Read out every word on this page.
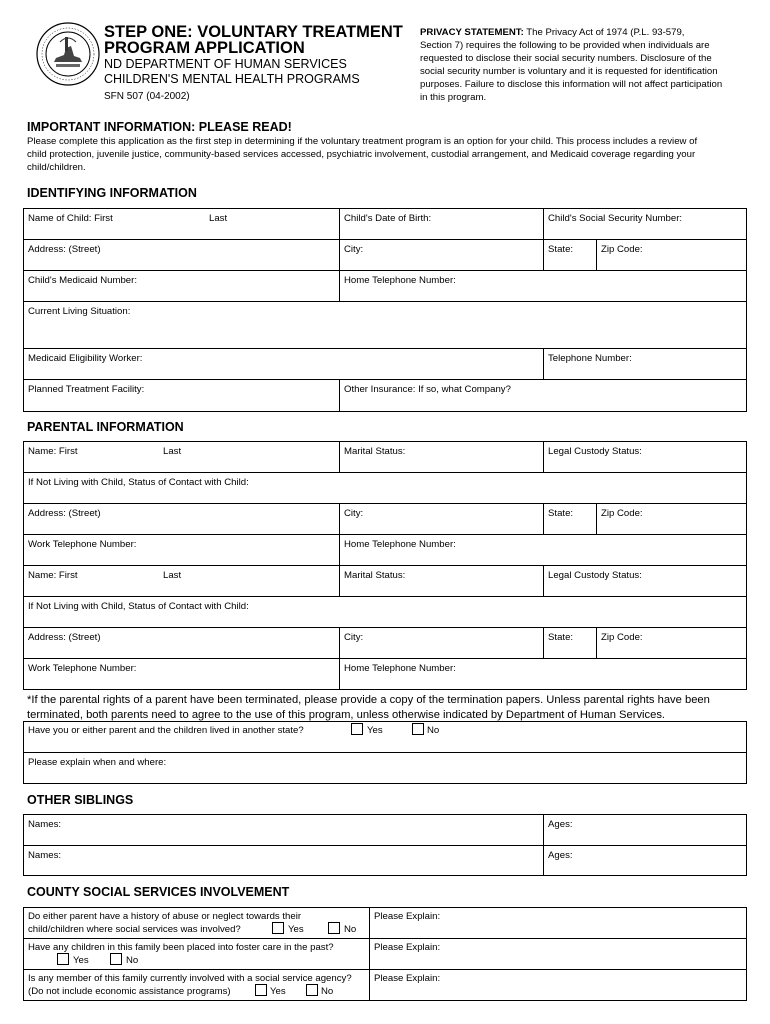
STEP ONE: VOLUNTARY TREATMENT
PROGRAM APPLICATION
ND DEPARTMENT OF HUMAN SERVICES
CHILDREN'S MENTAL HEALTH PROGRAMS
SFN 507 (04-2002)
PRIVACY STATEMENT: The Privacy Act of 1974 (P.L. 93-579,
Section 7) requires the following to be provided when individuals are
requested to disclose their social security numbers. Disclosure of the
social security number is voluntary and it is requested for identification
purposes. Failure to disclose this information will not affect participation
in this program.
IMPORTANT INFORMATION: PLEASE READ!
Please complete this application as the first step in determining if the voluntary treatment program is an option for your child. This process includes a review of
child protection, juvenile justice, community-based services accessed, psychiatric involvement, custodial arrangement, and Medicaid coverage regarding your
child/children.
IDENTIFYING INFORMATION
Name of Child: First	Last	Child's Date of Birth:	Child's Social Security Number:
Address: (Street)	City:	State:	Zip Code:
Child's Medicaid Number:	Home Telephone Number:
Current Living Situation:
Medicaid Eligibility Worker:	Telephone Number:
Planned Treatment Facility:	Other Insurance: If so, what Company?
PARENTAL INFORMATION
Name: First	Last	Marital Status:	Legal Custody Status:
If Not Living with Child, Status of Contact with Child:
Address: (Street)	City:	State:	Zip Code:
Work Telephone Number:	Home Telephone Number:
Name: First	Last	Marital Status:	Legal Custody Status:
If Not Living with Child, Status of Contact with Child:
Address: (Street)	City:	State:	Zip Code:
Work Telephone Number:	Home Telephone Number:
*If the parental rights of a parent have been terminated, please provide a copy of the termination papers. Unless parental rights have been
terminated, both parents need to agree to the use of this program, unless otherwise indicated by Department of Human Services.
Have you or either parent and the children lived in another state?	Yes	No
Please explain when and where:
OTHER SIBLINGS
Names:	Ages:
Names:	Ages:
COUNTY SOCIAL SERVICES INVOLVEMENT
Do either parent have a history of abuse or neglect towards their
child/children where social services was involved?	Yes	No
Please Explain:
Have any children in this family been placed into foster care in the past?
Yes	No
Please Explain:
Is any member of this family currently involved with a social service agency?
(Do not include economic assistance programs)	Yes	No
Please Explain:
